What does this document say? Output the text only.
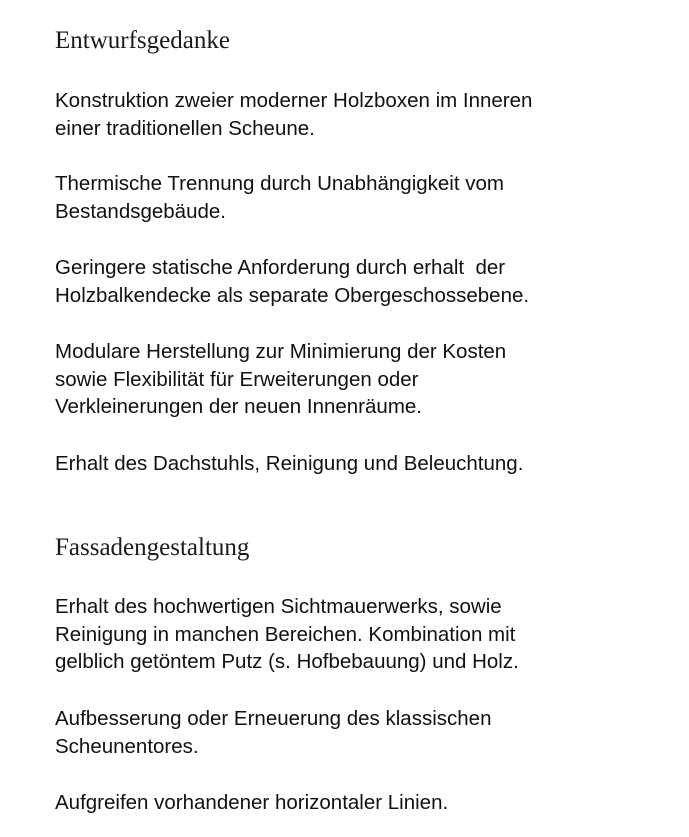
Entwurfsgedanke

Konstruktion zweier moderner Holzboxen im Inneren
einer traditionellen Scheune.

Thermische Trennung durch Unabhängigkeit vom
Bestandsgebäude.

Geringere statische Anforderung durch erhalt  der
Holzbalkendecke als separate Obergeschossebene.

Modulare Herstellung zur Minimierung der Kosten
sowie Flexibilität für Erweiterungen oder
Verkleinerungen der neuen Innenräume.

Erhalt des Dachstuhls, Reinigung und Beleuchtung.

Fassadengestaltung

Erhalt des hochwertigen Sichtmauerwerks, sowie
Reinigung in manchen Bereichen. Kombination mit
gelblich getöntem Putz (s. Hofbebauung) und Holz.

Aufbesserung oder Erneuerung des klassischen
Scheunentores.

Aufgreifen vorhandener horizontaler Linien.
